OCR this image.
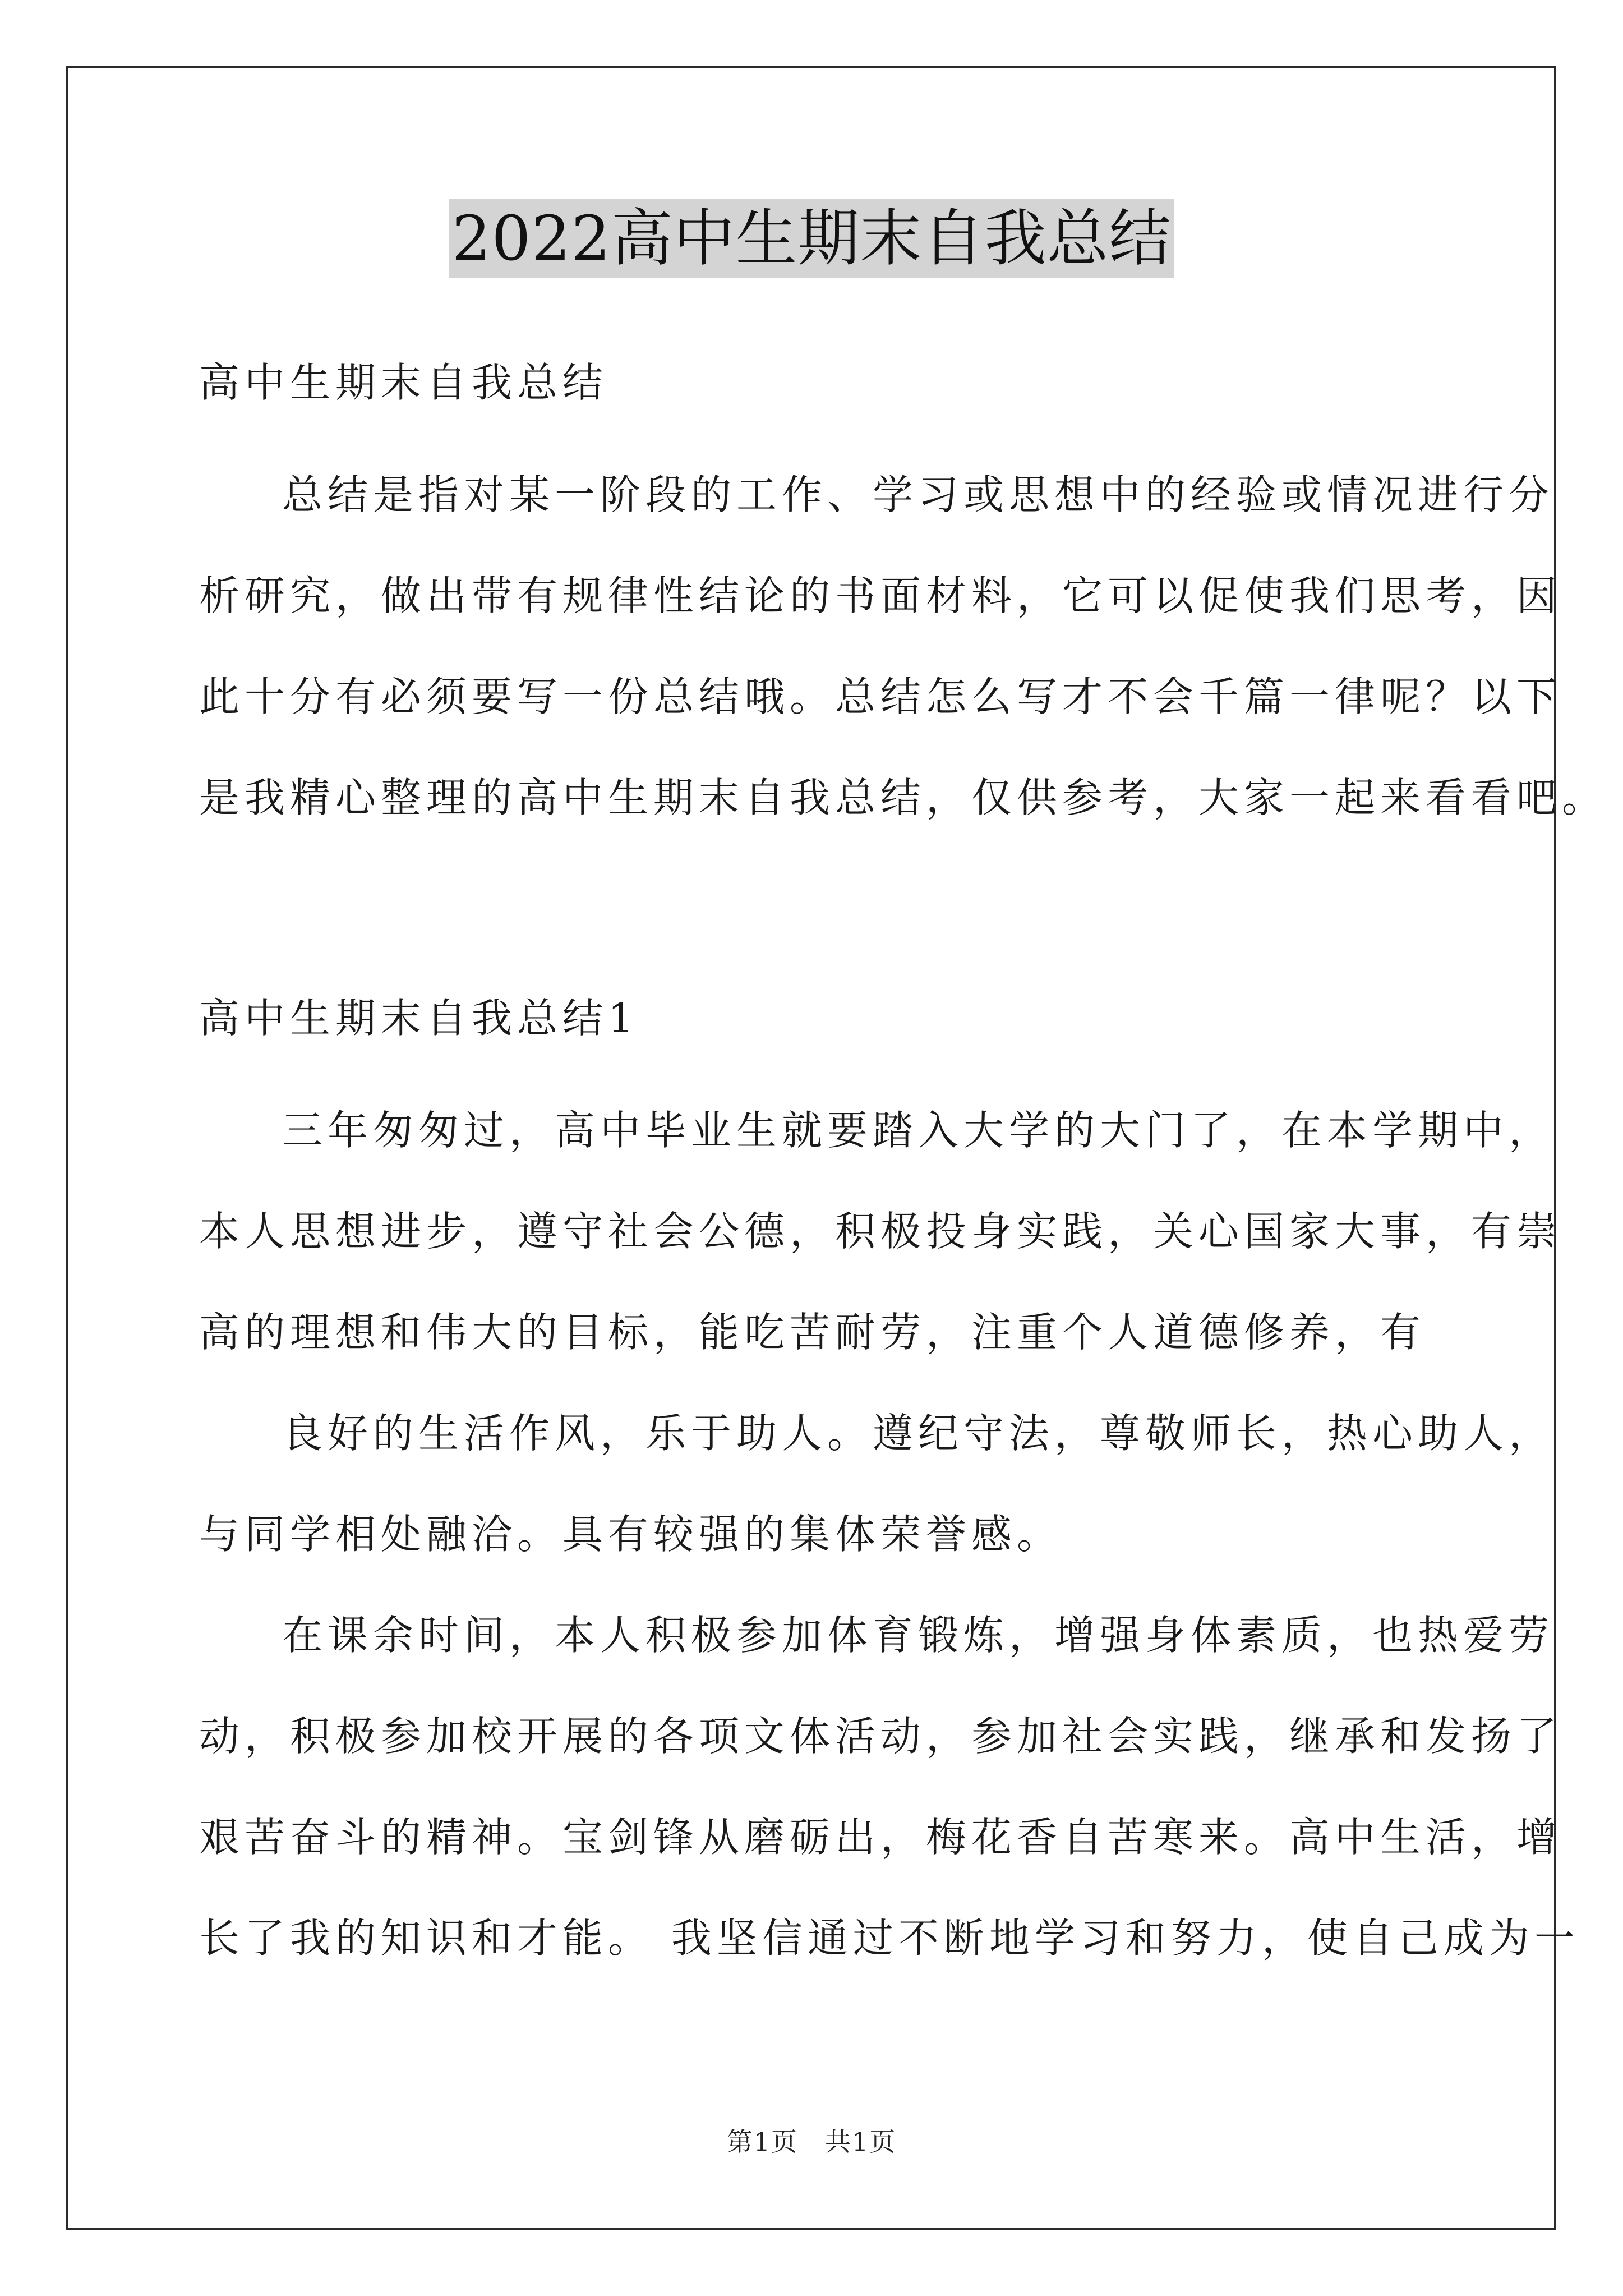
2022高中生期末自我总结

高中生期末自我总结

总结是指对某一阶段的工作、学习或思想中的经验或情况进行分
析研究，做出带有规律性结论的书面材料，它可以促使我们思考，因
此十分有必须要写一份总结哦。总结怎么写才不会千篇一律呢？以下
是我精心整理的高中生期末自我总结，仅供参考，大家一起来看看吧。

高中生期末自我总结1

三年匆匆过，高中毕业生就要踏入大学的大门了，在本学期中，
本人思想进步，遵守社会公德，积极投身实践，关心国家大事，有崇
高的理想和伟大的目标，能吃苦耐劳，注重个人道德修养，有
良好的生活作风，乐于助人。遵纪守法，尊敬师长，热心助人，
与同学相处融洽。具有较强的集体荣誉感。
在课余时间，本人积极参加体育锻炼，增强身体素质，也热爱劳
动，积极参加校开展的各项文体活动，参加社会实践，继承和发扬了
艰苦奋斗的精神。宝剑锋从磨砺出，梅花香自苦寒来。高中生活，增
长了我的知识和才能。 我坚信通过不断地学习和努力，使自己成为一
第1页　共1页
